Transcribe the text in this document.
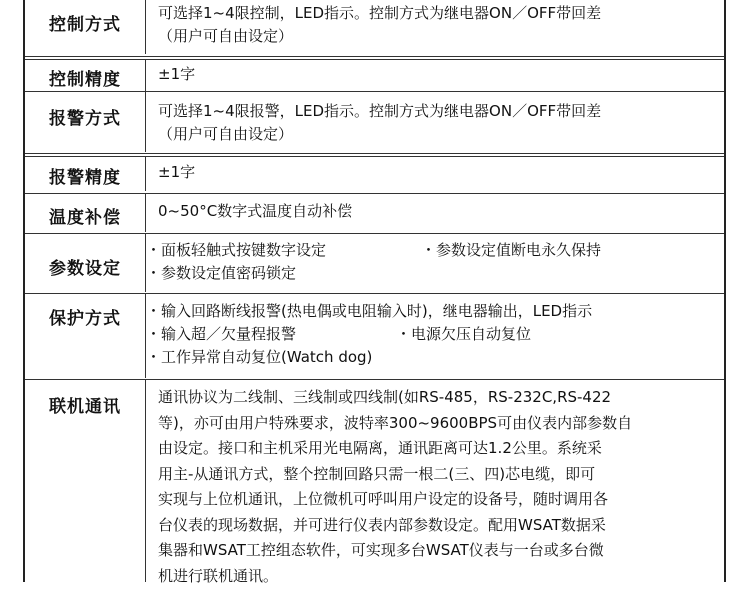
控制方式
可选择1~4限控制，LED指示。控制方式为继电器ON／OFF带回差
（用户可自由设定）
控制精度 ±1字
报警方式 可选择1~4限报警，LED指示。控制方式为继电器ON／OFF带回差
（用户可自由设定）
报警精度 ±1字
温度补偿 0~50°C数字式温度自动补偿
参数设定
・面板轻触式按键数字设定	・参数设定值断电永久保持
・参数设定值密码锁定
保护方式 ・输入回路断线报警(热电偶或电阻输入时)，继电器输出，LED指示
・输入超／欠量程报警	・电源欠压自动复位
・工作异常自动复位(Watch dog)
联机通讯 通讯协议为二线制、三线制或四线制(如RS-485，RS-232C,RS-422
等)，亦可由用户特殊要求，波特率300~9600BPS可由仪表内部参数自
由设定。接口和主机采用光电隔离，通讯距离可达1.2公里。系统采
用主-从通讯方式，整个控制回路只需一根二(三、四)芯电缆，即可
实现与上位机通讯，上位微机可呼叫用户设定的设备号，随时调用各
台仪表的现场数据，并可进行仪表内部参数设定。配用WSAT数据采
集器和WSAT工控组态软件，可实现多台WSAT仪表与一台或多台微
机进行联机通讯。
